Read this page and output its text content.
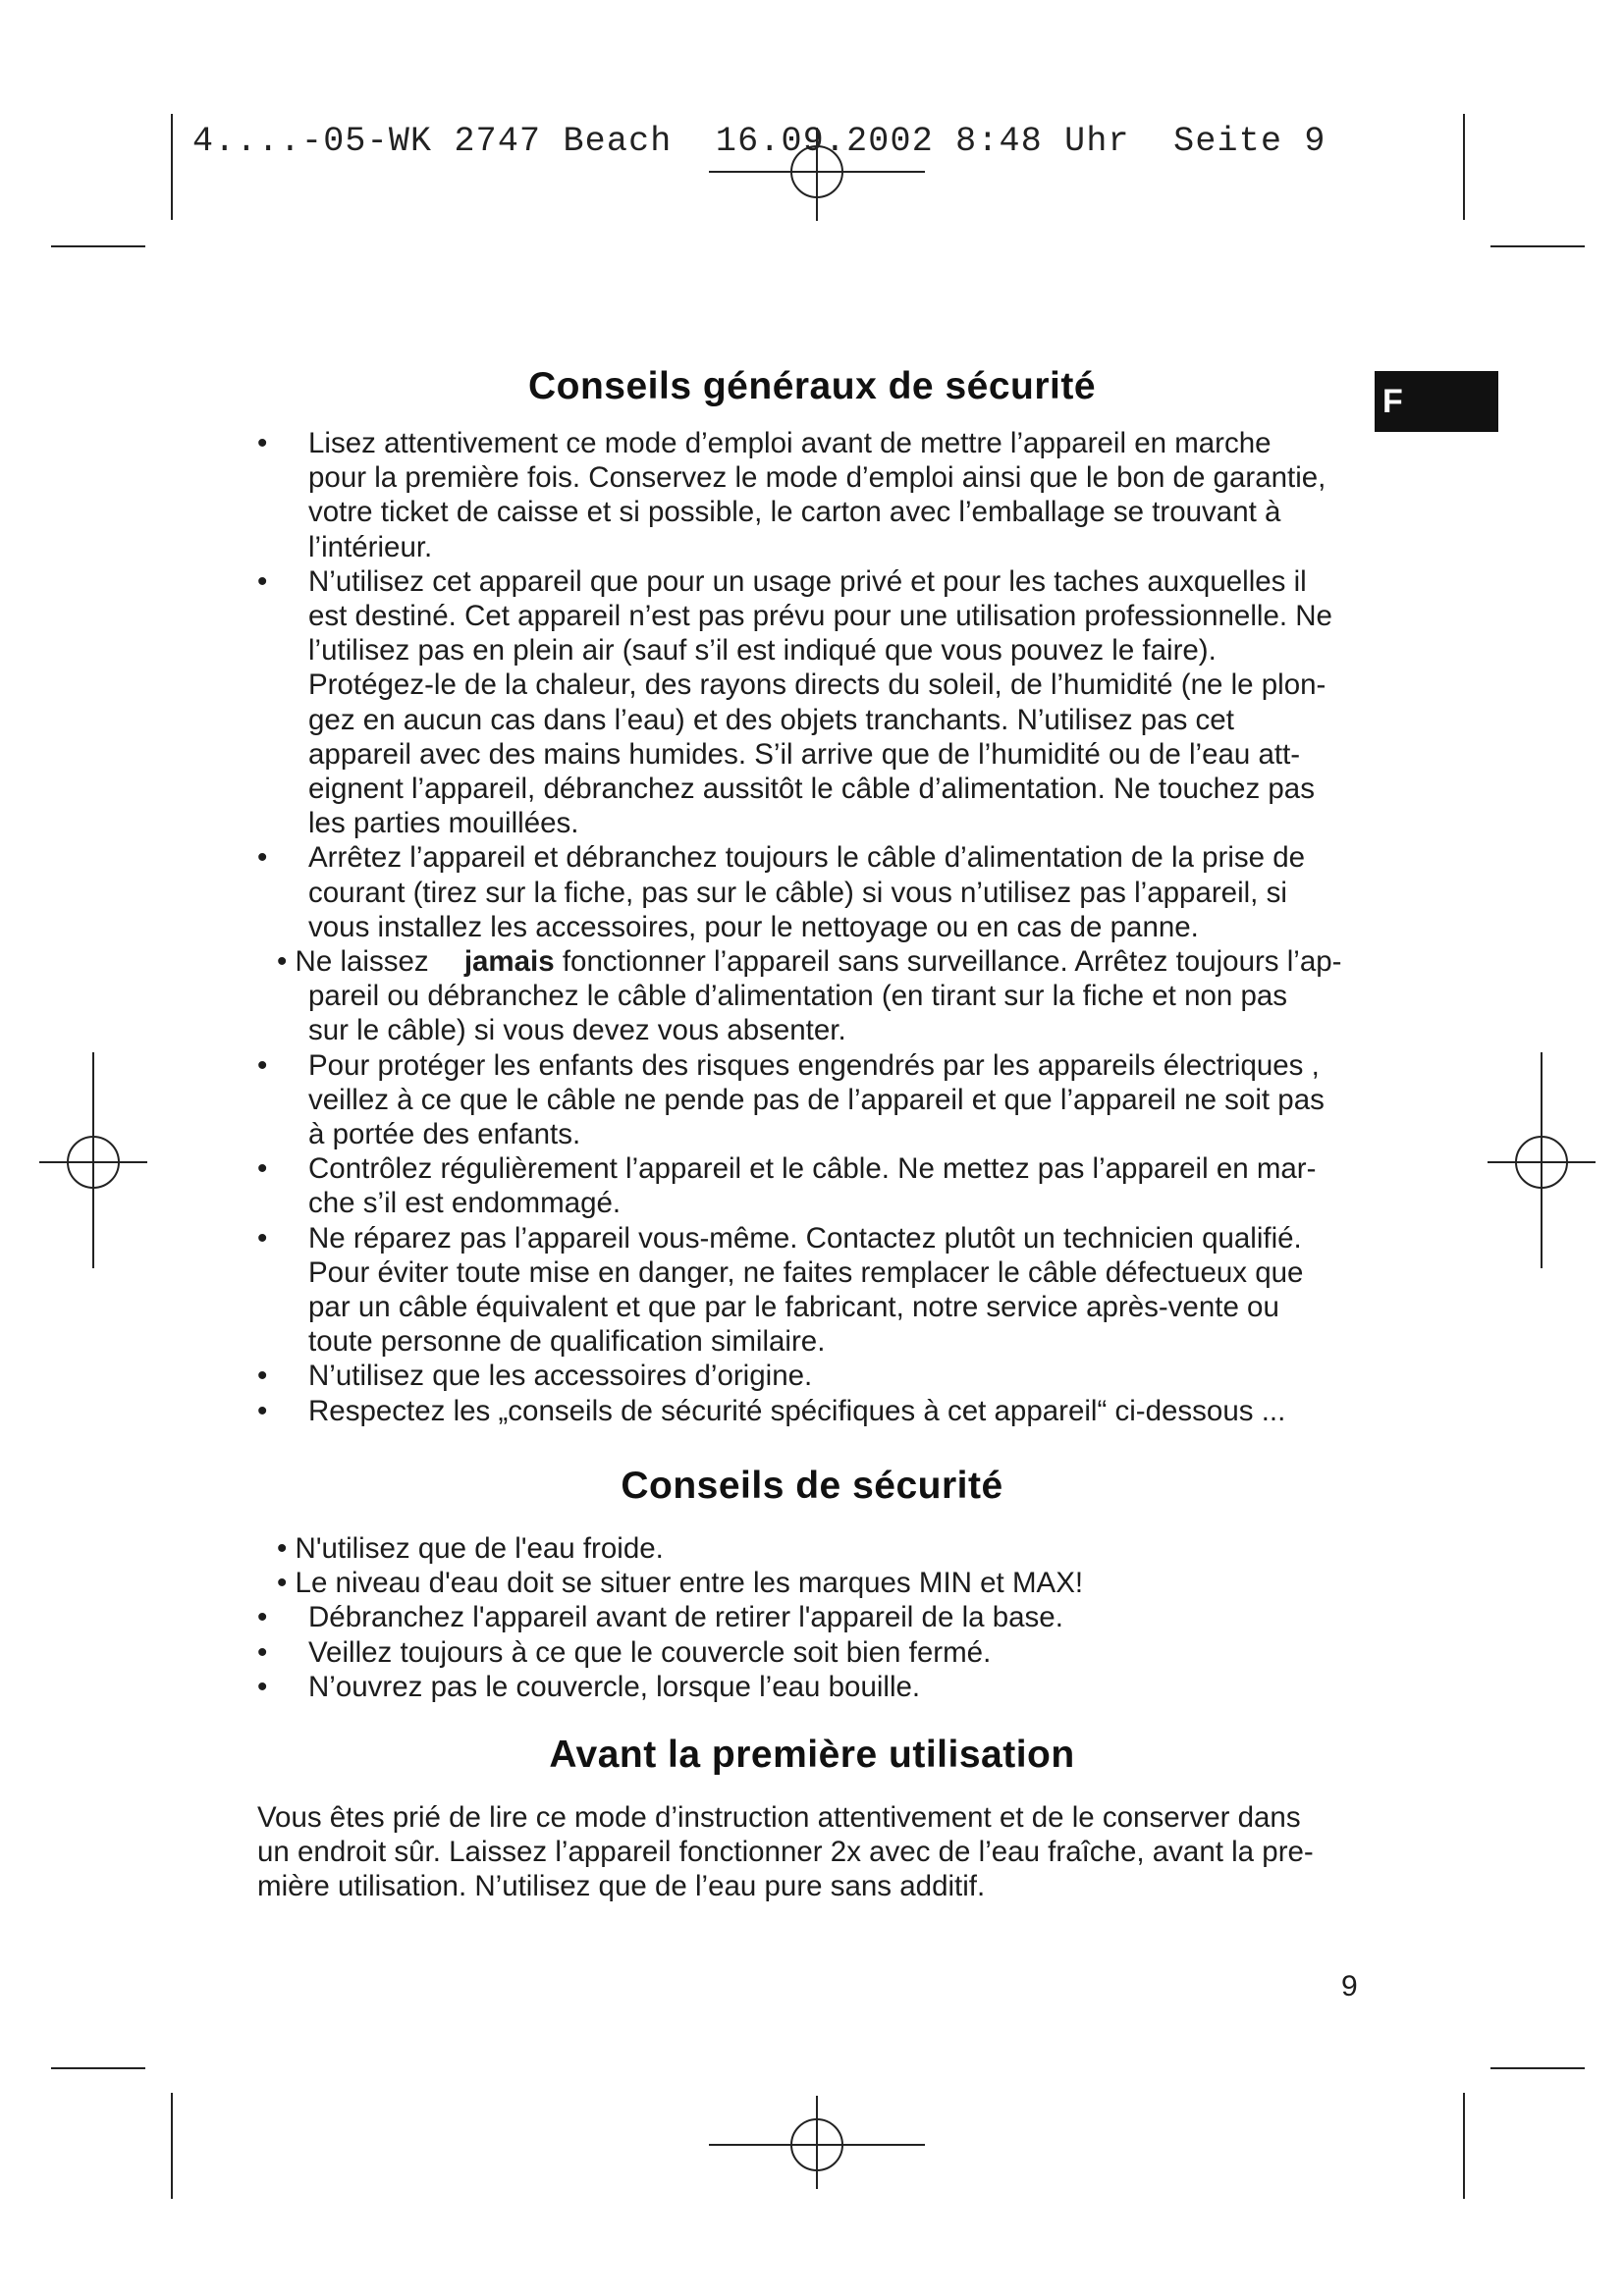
4....-05-WK 2747 Beach  16.09.2002 8:48 Uhr  Seite 9
F
Conseils généraux de sécurité
• Lisez attentivement ce mode d’emploi avant de mettre l’appareil en marche
pour la première fois. Conservez le mode d’emploi ainsi que le bon de garantie,
votre ticket de caisse et si possible, le carton avec l’emballage se trouvant à
l’intérieur.
• N’utilisez cet appareil que pour un usage privé et pour les taches auxquelles il
est destiné. Cet appareil n’est pas prévu pour une utilisation professionnelle. Ne
l’utilisez pas en plein air (sauf s’il est indiqué que vous pouvez le faire).
Protégez-le de la chaleur, des rayons directs du soleil, de l’humidité (ne le plon-
gez en aucun cas dans l’eau) et des objets tranchants. N’utilisez pas cet
appareil avec des mains humides. S’il arrive que de l’humidité ou de l’eau att-
eignent l’appareil, débranchez aussitôt le câble d’alimentation. Ne touchez pas
les parties mouillées.
• Arrêtez l’appareil et débranchez toujours le câble d’alimentation de la prise de
courant (tirez sur la fiche, pas sur le câble) si vous n’utilisez pas l’appareil, si
vous installez les accessoires, pour le nettoyage ou en cas de panne.
• Ne laissez jamais fonctionner l’appareil sans surveillance. Arrêtez toujours l’ap-
pareil ou débranchez le câble d’alimentation (en tirant sur la fiche et non pas
sur le câble) si vous devez vous absenter.
• Pour protéger les enfants des risques engendrés par les appareils électriques ,
veillez à ce que le câble ne pende pas de l’appareil et que l’appareil ne soit pas
à portée des enfants.
• Contrôlez régulièrement l’appareil et le câble. Ne mettez pas l’appareil en mar-
che s’il est endommagé.
• Ne réparez pas l’appareil vous-même. Contactez plutôt un technicien qualifié.
Pour éviter toute mise en danger, ne faites remplacer le câble défectueux que
par un câble équivalent et que par le fabricant, notre service après-vente ou
toute personne de qualification similaire.
• N’utilisez que les accessoires d’origine.
• Respectez les „conseils de sécurité spécifiques à cet appareil“ ci-dessous ...
Conseils de sécurité
• N'utilisez que de l'eau froide.
• Le niveau d'eau doit se situer entre les marques MIN et MAX!
• Débranchez l'appareil avant de retirer l'appareil de la base.
• Veillez toujours à ce que le couvercle soit bien fermé.
• N’ouvrez pas le couvercle, lorsque l’eau bouille.
Avant la première utilisation
Vous êtes prié de lire ce mode d’instruction attentivement et de le conserver dans
un endroit sûr. Laissez l’appareil fonctionner 2x avec de l’eau fraîche, avant la pre-
mière utilisation. N’utilisez que de l’eau pure sans additif.
9
